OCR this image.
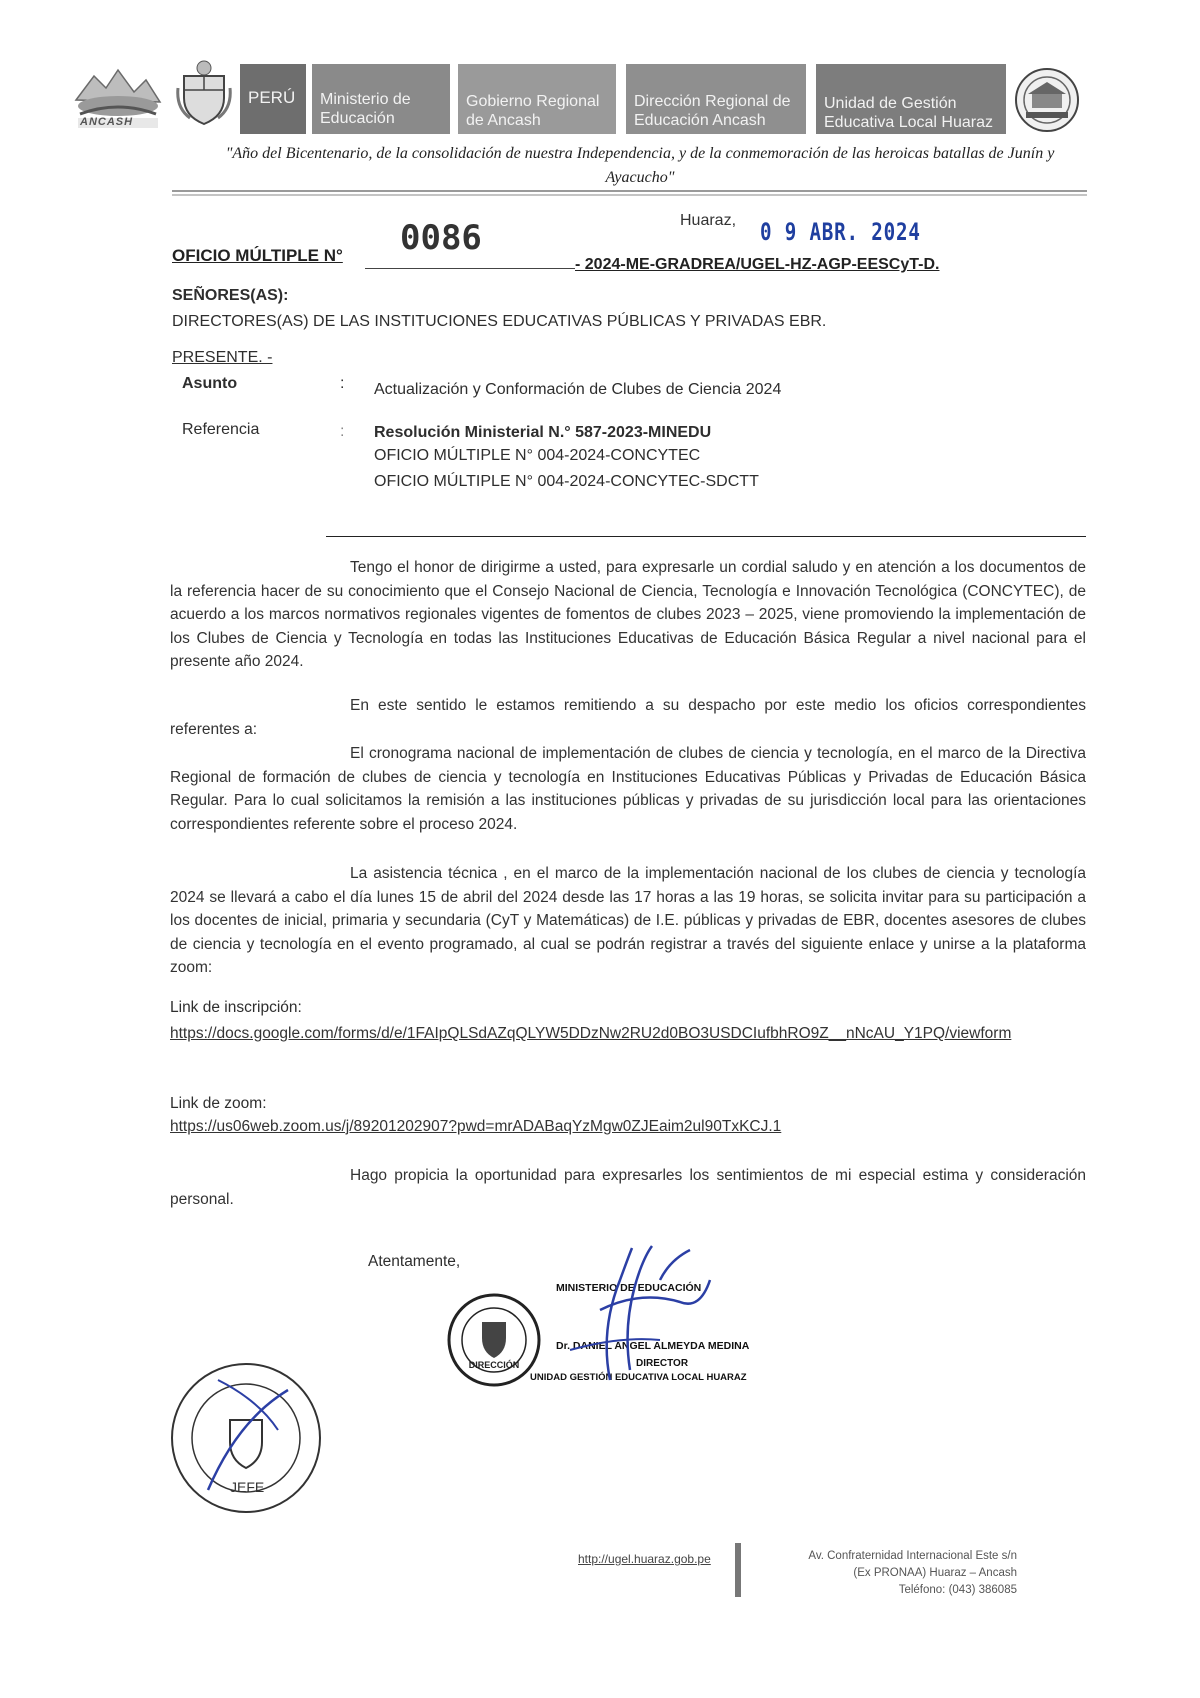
ANCASH
PERÚ	Ministerio de Educación
Gobierno Regional de Ancash
Dirección Regional de Educación Ancash
Unidad de Gestión Educativa Local Huaraz
"Año del Bicentenario, de la consolidación de nuestra Independencia, y de la conmemoración de las heroicas batallas de Junín y Ayacucho"
OFICIO MÚLTIPLE N° 0086
- 2024-ME-GRADREA/UGEL-HZ-AGP-EESCyT-D.
Huaraz, 0 9 ABR. 2024
SEÑORES(AS):
DIRECTORES(AS) DE LAS INSTITUCIONES EDUCATIVAS PÚBLICAS Y PRIVADAS EBR.
PRESENTE. -
Asunto	: Actualización y Conformación de Clubes de Ciencia 2024
Referencia	: Resolución Ministerial N.° 587-2023-MINEDU
OFICIO MÚLTIPLE N° 004-2024-CONCYTEC
OFICIO MÚLTIPLE N° 004-2024-CONCYTEC-SDCTT
Tengo el honor de dirigirme a usted, para expresarle un cordial saludo y en atención a los documentos de la referencia hacer de su conocimiento que el Consejo Nacional de Ciencia, Tecnología e Innovación Tecnológica (CONCYTEC), de acuerdo a los marcos normativos regionales vigentes de fomentos de clubes 2023 – 2025, viene promoviendo la implementación de los Clubes de Ciencia y Tecnología en todas las Instituciones Educativas de Educación Básica Regular a nivel nacional para el presente año 2024.
En este sentido le estamos remitiendo a su despacho por este medio los oficios correspondientes referentes a:
El cronograma nacional de implementación de clubes de ciencia y tecnología, en el marco de la Directiva Regional de formación de clubes de ciencia y tecnología en Instituciones Educativas Públicas y Privadas de Educación Básica Regular. Para lo cual solicitamos la remisión a las instituciones públicas y privadas de su jurisdicción local para las orientaciones correspondientes referente sobre el proceso 2024.
La asistencia técnica , en el marco de la implementación nacional de los clubes de ciencia y tecnología 2024 se llevará a cabo el día lunes 15 de abril del 2024 desde las 17 horas a las 19 horas, se solicita invitar para su participación a los docentes de inicial, primaria y secundaria (CyT y Matemáticas) de I.E. públicas y privadas de EBR, docentes asesores de clubes de ciencia y tecnología en el evento programado, al cual se podrán registrar a través del siguiente enlace y unirse a la plataforma zoom:
Link de inscripción:
https://docs.google.com/forms/d/e/1FAIpQLSdAZqQLYW5DDzNw2RU2d0BO3USDCIufbhRO9Z__nNcAU_Y1PQ/viewform
Link de zoom:
https://us06web.zoom.us/j/89201202907?pwd=mrADABaqYzMgw0ZJEaim2ul90TxKCJ.1
Hago propicia la oportunidad para expresarles los sentimientos de mi especial estima y consideración personal.
Atentamente,
DIRECCIÓN
MINISTERIO DE EDUCACIÓN
Dr. DANIEL ANGEL ALMEYDA MEDINA
DIRECTOR
UNIDAD GESTIÓN EDUCATIVA LOCAL HUARAZ
JEFE
http://ugel.huaraz.gob.pe	Av. Confraternidad Internacional Este s/n
(Ex PRONAA) Huaraz – Ancash
Teléfono: (043) 386085
